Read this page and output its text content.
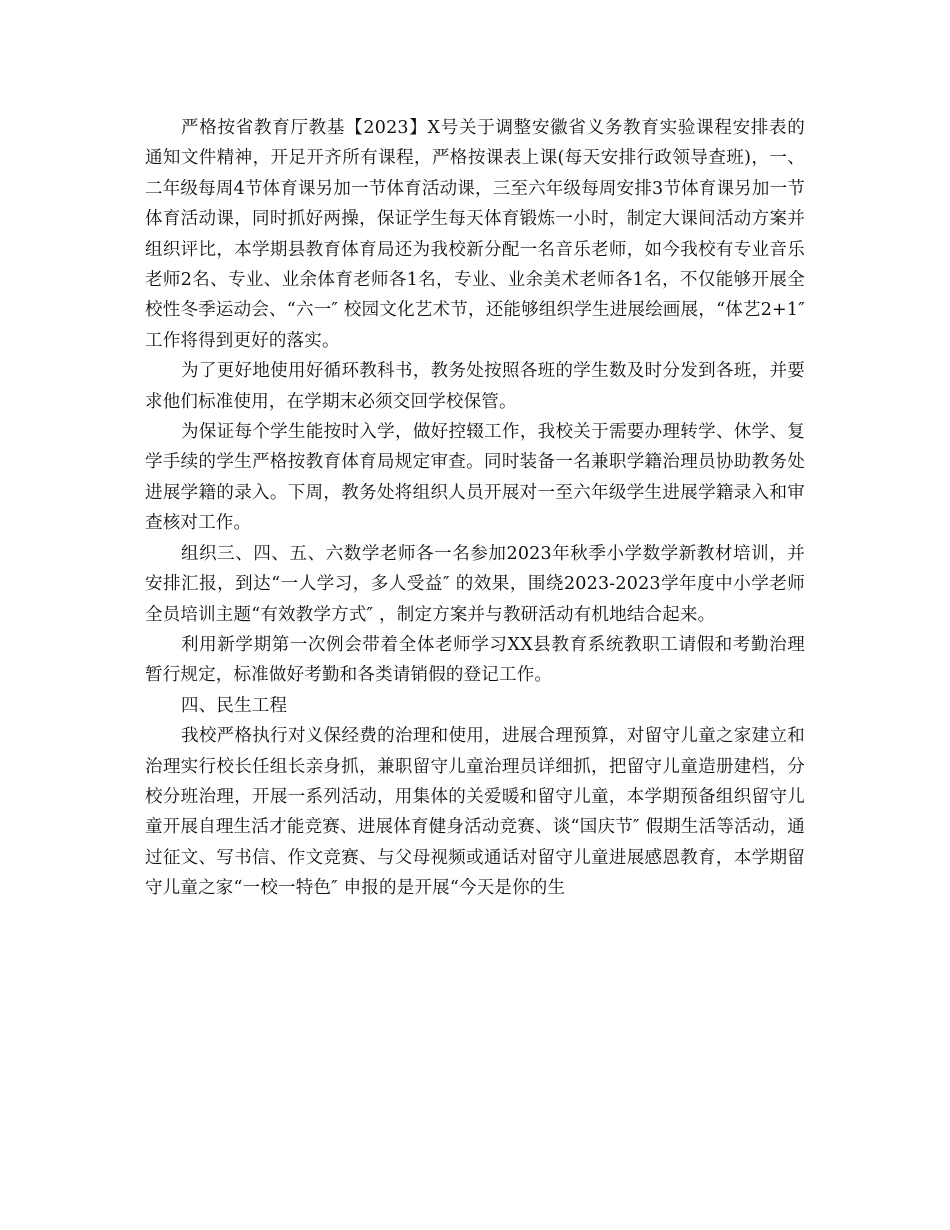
严格按省教育厅教基【2023】X号关于调整安徽省义务教育实验课程安排表的通知文件精神，开足开齐所有课程，严格按课表上课(每天安排行政领导查班)，一、二年级每周4节体育课另加一节体育活动课，三至六年级每周安排3节体育课另加一节体育活动课，同时抓好两操，保证学生每天体育锻炼一小时，制定大课间活动方案并组织评比，本学期县教育体育局还为我校新分配一名音乐老师，如今我校有专业音乐老师2名、专业、业余体育老师各1名，专业、业余美术老师各1名，不仅能够开展全校性冬季运动会、“六一″ 校园文化艺术节，还能够组织学生进展绘画展，“体艺2+1″ 工作将得到更好的落实。

为了更好地使用好循环教科书，教务处按照各班的学生数及时分发到各班，并要求他们标准使用，在学期末必须交回学校保管。

为保证每个学生能按时入学，做好控辍工作，我校关于需要办理转学、休学、复学手续的学生严格按教育体育局规定审查。同时装备一名兼职学籍治理员协助教务处进展学籍的录入。下周，教务处将组织人员开展对一至六年级学生进展学籍录入和审查核对工作。

组织三、四、五、六数学老师各一名参加2023年秋季小学数学新教材培训，并安排汇报，到达“一人学习，多人受益″ 的效果，围绕2023-2023学年度中小学老师全员培训主题“有效教学方式″ ，制定方案并与教研活动有机地结合起来。

利用新学期第一次例会带着全体老师学习XX县教育系统教职工请假和考勤治理暂行规定，标准做好考勤和各类请销假的登记工作。

四、民生工程

我校严格执行对义保经费的治理和使用，进展合理预算，对留守儿童之家建立和治理实行校长任组长亲身抓，兼职留守儿童治理员详细抓，把留守儿童造册建档，分校分班治理，开展一系列活动，用集体的关爱暖和留守儿童，本学期预备组织留守儿童开展自理生活才能竞赛、进展体育健身活动竞赛、谈“国庆节″ 假期生活等活动，通过征文、写书信、作文竞赛、与父母视频或通话对留守儿童进展感恩教育，本学期留守儿童之家“一校一特色″ 申报的是开展“今天是你的生
